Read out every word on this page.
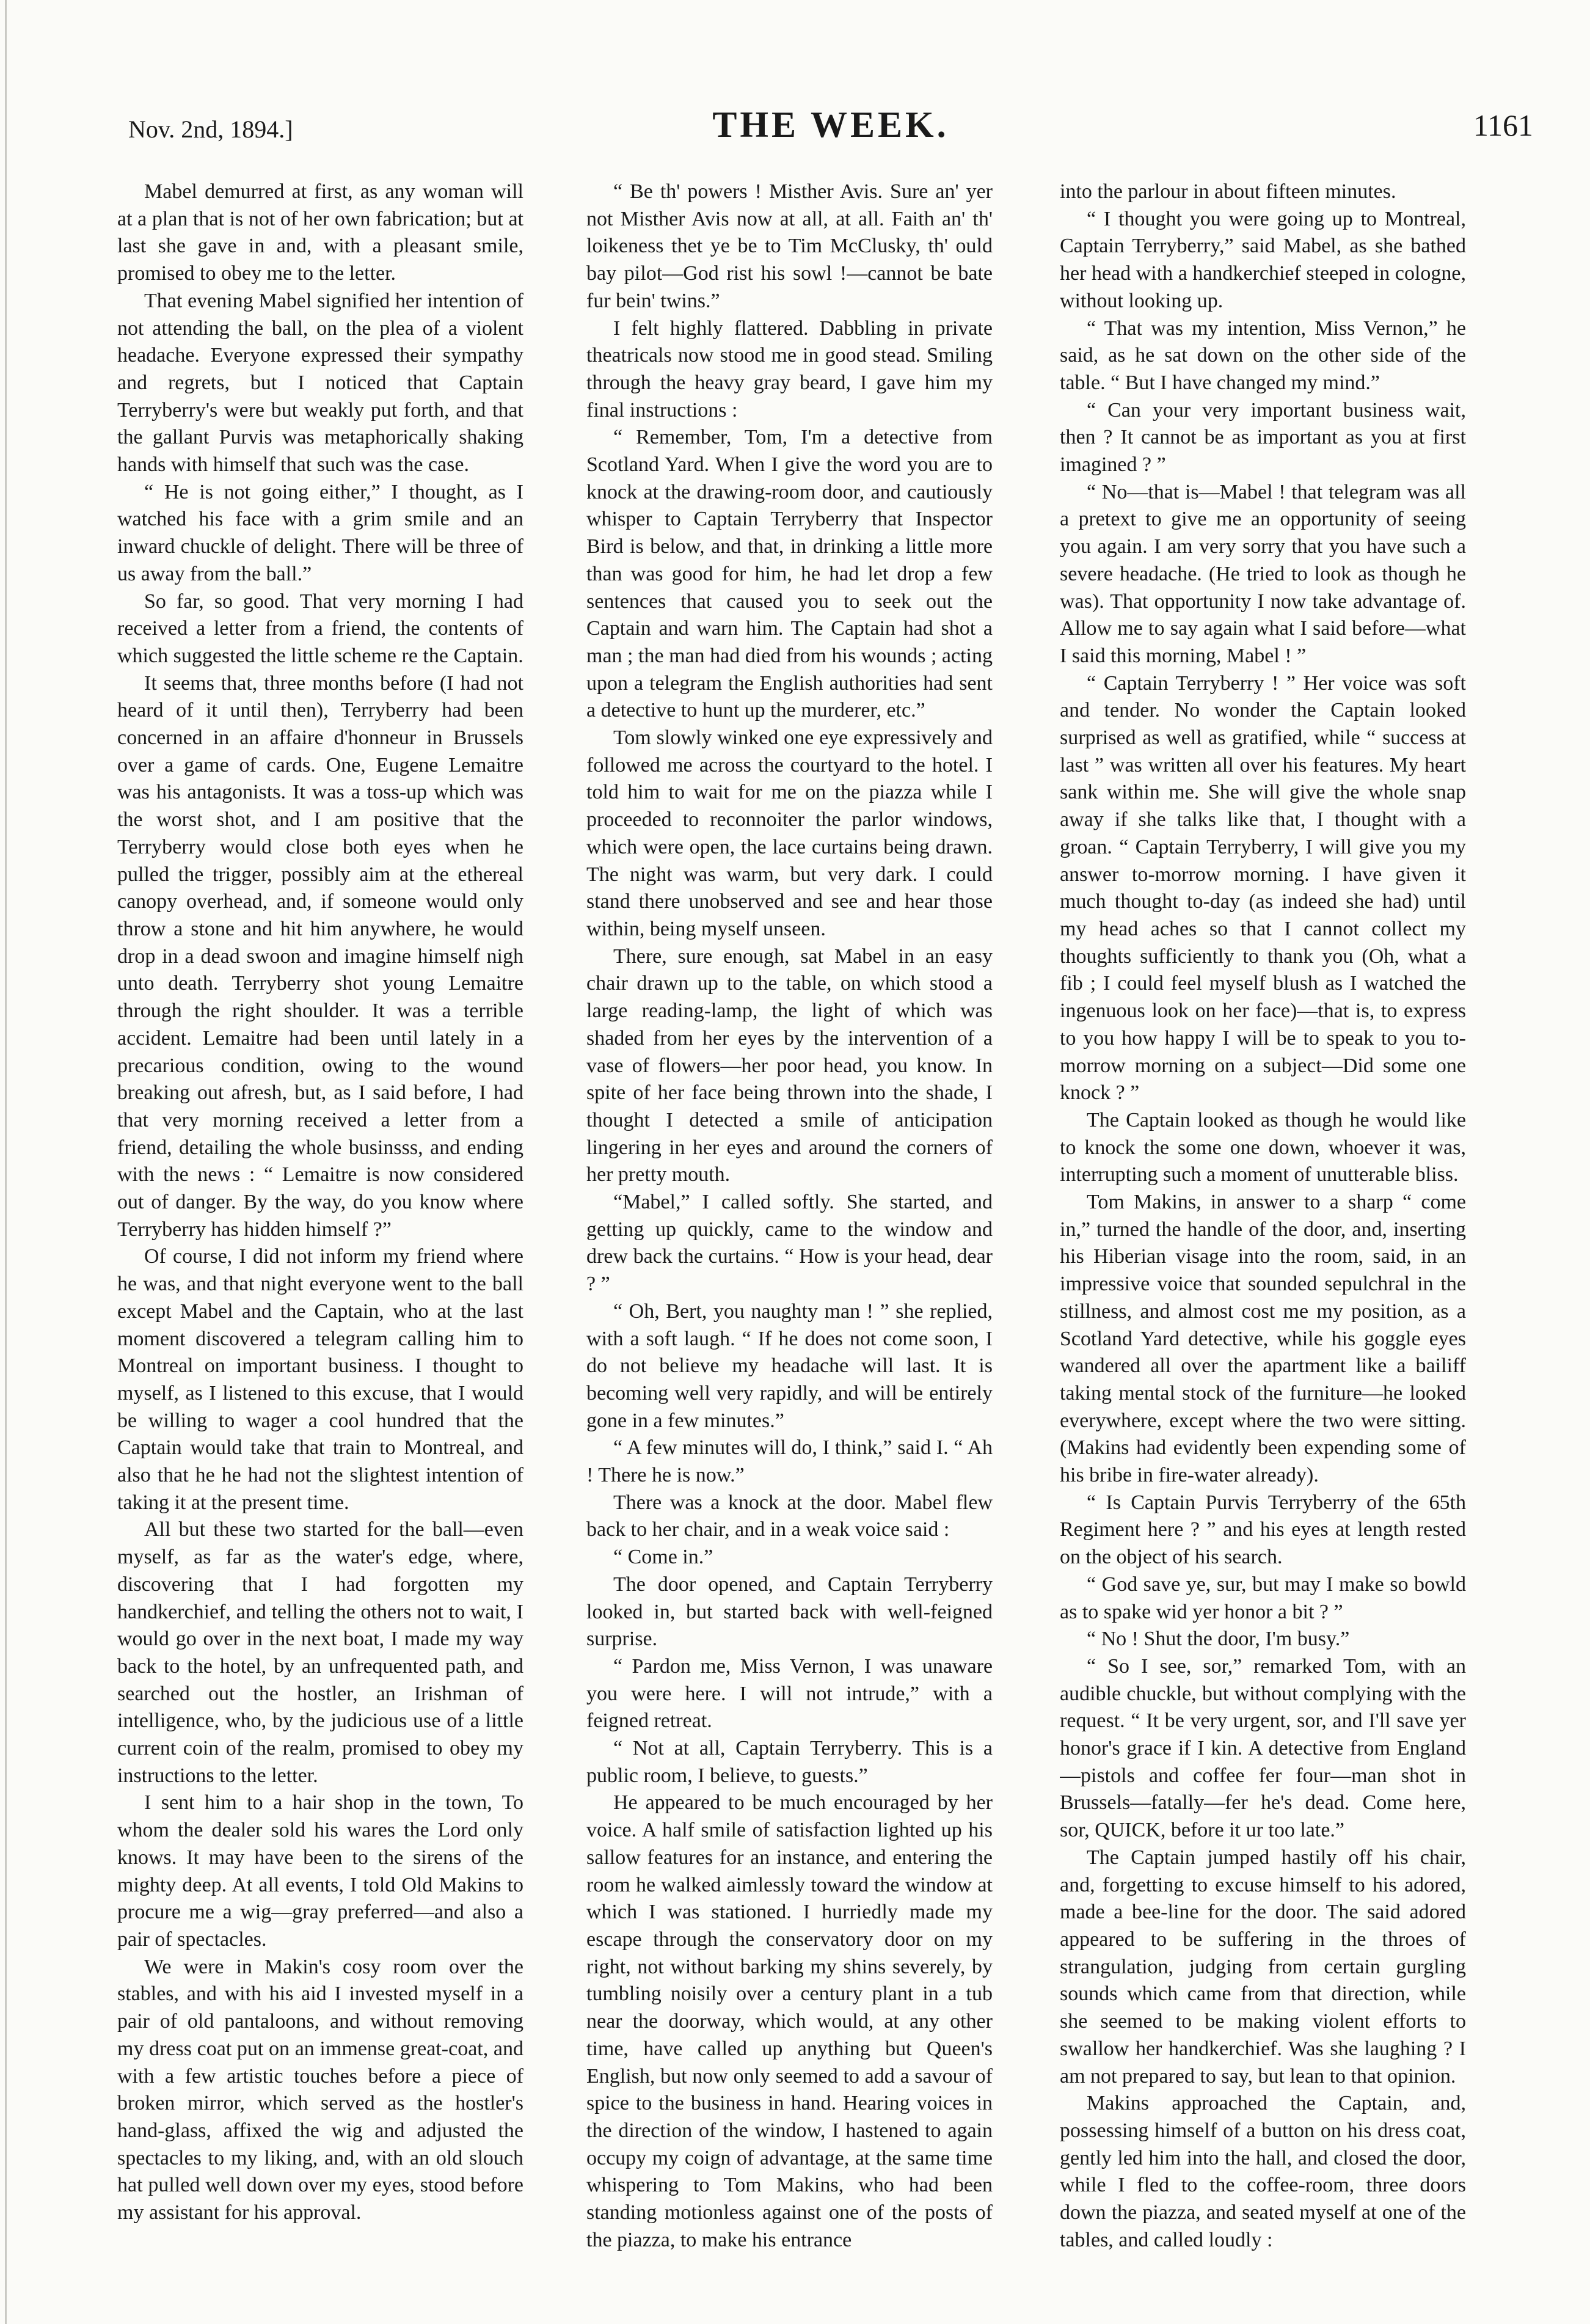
Nov. 2nd, 1894.]	THE WEEK.	1161

Mabel demurred at first, as any woman will at a plan that is not of her own fabrication; but at last she gave in and, with a pleasant smile, promised to obey me to the letter.

That evening Mabel signified her intention of not attending the ball, on the plea of a violent headache. Everyone expressed their sympathy and regrets, but I noticed that Captain Terryberry's were but weakly put forth, and that the gallant Purvis was metaphorically shaking hands with himself that such was the case.

“ He is not going either,” I thought, as I watched his face with a grim smile and an inward chuckle of delight. There will be three of us away from the ball.”

So far, so good. That very morning I had received a letter from a friend, the contents of which suggested the little scheme re the Captain.

It seems that, three months before (I had not heard of it until then), Terryberry had been concerned in an affaire d'honneur in Brussels over a game of cards. One, Eugene Lemaitre was his antagonists. It was a toss-up which was the worst shot, and I am positive that the Terryberry would close both eyes when he pulled the trigger, possibly aim at the ethereal canopy overhead, and, if someone would only throw a stone and hit him anywhere, he would drop in a dead swoon and imagine himself nigh unto death. Terryberry shot young Lemaitre through the right shoulder. It was a terrible accident. Lemaitre had been until lately in a precarious condition, owing to the wound breaking out afresh, but, as I said before, I had that very morning received a letter from a friend, detailing the whole businsss, and ending with the news : “ Lemaitre is now considered out of danger. By the way, do you know where Terryberry has hidden himself ?”

Of course, I did not inform my friend where he was, and that night everyone went to the ball except Mabel and the Captain, who at the last moment discovered a telegram calling him to Montreal on important business. I thought to myself, as I listened to this excuse, that I would be willing to wager a cool hundred that the Captain would take that train to Montreal, and also that he he had not the slightest intention of taking it at the present time.

All but these two started for the ball—even myself, as far as the water's edge, where, discovering that I had forgotten my handkerchief, and telling the others not to wait, I would go over in the next boat, I made my way back to the hotel, by an unfrequented path, and searched out the hostler, an Irishman of intelligence, who, by the judicious use of a little current coin of the realm, promised to obey my instructions to the letter.

I sent him to a hair shop in the town, To whom the dealer sold his wares the Lord only knows. It may have been to the sirens of the mighty deep. At all events, I told Old Makins to procure me a wig—gray preferred—and also a pair of spectacles.

We were in Makin's cosy room over the stables, and with his aid I invested myself in a pair of old pantaloons, and without removing my dress coat put on an immense great-coat, and with a few artistic touches before a piece of broken mirror, which served as the hostler's hand-glass, affixed the wig and adjusted the spectacles to my liking, and, with an old slouch hat pulled well down over my eyes, stood before my assistant for his approval.

“ Be th' powers ! Misther Avis. Sure an' yer not Misther Avis now at all, at all. Faith an' th' loikeness thet ye be to Tim McClusky, th' ould bay pilot—God rist his sowl !—cannot be bate fur bein' twins.”

I felt highly flattered. Dabbling in private theatricals now stood me in good stead. Smiling through the heavy gray beard, I gave him my final instructions :

“ Remember, Tom, I'm a detective from Scotland Yard. When I give the word you are to knock at the drawing-room door, and cautiously whisper to Captain Terryberry that Inspector Bird is below, and that, in drinking a little more than was good for him, he had let drop a few sentences that caused you to seek out the Captain and warn him. The Captain had shot a man ; the man had died from his wounds ; acting upon a telegram the English authorities had sent a detective to hunt up the murderer, etc.”

Tom slowly winked one eye expressively and followed me across the courtyard to the hotel. I told him to wait for me on the piazza while I proceeded to reconnoiter the parlor windows, which were open, the lace curtains being drawn. The night was warm, but very dark. I could stand there unobserved and see and hear those within, being myself unseen.

There, sure enough, sat Mabel in an easy chair drawn up to the table, on which stood a large reading-lamp, the light of which was shaded from her eyes by the intervention of a vase of flowers—her poor head, you know. In spite of her face being thrown into the shade, I thought I detected a smile of anticipation lingering in her eyes and around the corners of her pretty mouth.

“Mabel,” I called softly. She started, and getting up quickly, came to the window and drew back the curtains. “ How is your head, dear ? ”

“ Oh, Bert, you naughty man ! ” she replied, with a soft laugh. “ If he does not come soon, I do not believe my headache will last. It is becoming well very rapidly, and will be entirely gone in a few minutes.”

“ A few minutes will do, I think,” said I. “ Ah ! There he is now.”

There was a knock at the door. Mabel flew back to her chair, and in a weak voice said :

“ Come in.”

The door opened, and Captain Terryberry looked in, but started back with well-feigned surprise.

“ Pardon me, Miss Vernon, I was unaware you were here. I will not intrude,” with a feigned retreat.

“ Not at all, Captain Terryberry. This is a public room, I believe, to guests.”

He appeared to be much encouraged by her voice. A half smile of satisfaction lighted up his sallow features for an instance, and entering the room he walked aimlessly toward the window at which I was stationed. I hurriedly made my escape through the conservatory door on my right, not without barking my shins severely, by tumbling noisily over a century plant in a tub near the doorway, which would, at any other time, have called up anything but Queen's English, but now only seemed to add a savour of spice to the business in hand. Hearing voices in the direction of the window, I hastened to again occupy my coign of advantage, at the same time whispering to Tom Makins, who had been standing motionless against one of the posts of the piazza, to make his entrance

into the parlour in about fifteen minutes.

“ I thought you were going up to Montreal, Captain Terryberry,” said Mabel, as she bathed her head with a handkerchief steeped in cologne, without looking up.

“ That was my intention, Miss Vernon,” he said, as he sat down on the other side of the table. “ But I have changed my mind.”

“ Can your very important business wait, then ? It cannot be as important as you at first imagined ? ”

“ No—that is—Mabel ! that telegram was all a pretext to give me an opportunity of seeing you again. I am very sorry that you have such a severe headache. (He tried to look as though he was). That opportunity I now take advantage of. Allow me to say again what I said before—what I said this morning, Mabel ! ”

“ Captain Terryberry ! ” Her voice was soft and tender. No wonder the Captain looked surprised as well as gratified, while “ success at last ” was written all over his features. My heart sank within me. She will give the whole snap away if she talks like that, I thought with a groan. “ Captain Terryberry, I will give you my answer to-morrow morning. I have given it much thought to-day (as indeed she had) until my head aches so that I cannot collect my thoughts sufficiently to thank you (Oh, what a fib ; I could feel myself blush as I watched the ingenuous look on her face)—that is, to express to you how happy I will be to speak to you to-morrow morning on a subject—Did some one knock ? ”

The Captain looked as though he would like to knock the some one down, whoever it was, interrupting such a moment of unutterable bliss.

Tom Makins, in answer to a sharp “ come in,” turned the handle of the door, and, inserting his Hiberian visage into the room, said, in an impressive voice that sounded sepulchral in the stillness, and almost cost me my position, as a Scotland Yard detective, while his goggle eyes wandered all over the apartment like a bailiff taking mental stock of the furniture—he looked everywhere, except where the two were sitting. (Makins had evidently been expending some of his bribe in fire-water already).

“ Is Captain Purvis Terryberry of the 65th Regiment here ? ” and his eyes at length rested on the object of his search.

“ God save ye, sur, but may I make so bowld as to spake wid yer honor a bit ? ”

“ No ! Shut the door, I'm busy.”

“ So I see, sor,” remarked Tom, with an audible chuckle, but without complying with the request. “ It be very urgent, sor, and I'll save yer honor's grace if I kin. A detective from England—pistols and coffee fer four—man shot in Brussels—fatally—fer he's dead. Come here, sor, QUICK, before it ur too late.”

The Captain jumped hastily off his chair, and, forgetting to excuse himself to his adored, made a bee-line for the door. The said adored appeared to be suffering in the throes of strangulation, judging from certain gurgling sounds which came from that direction, while she seemed to be making violent efforts to swallow her handkerchief. Was she laughing ? I am not prepared to say, but lean to that opinion.

Makins approached the Captain, and, possessing himself of a button on his dress coat, gently led him into the hall, and closed the door, while I fled to the coffee-room, three doors down the piazza, and seated myself at one of the tables, and called loudly :
